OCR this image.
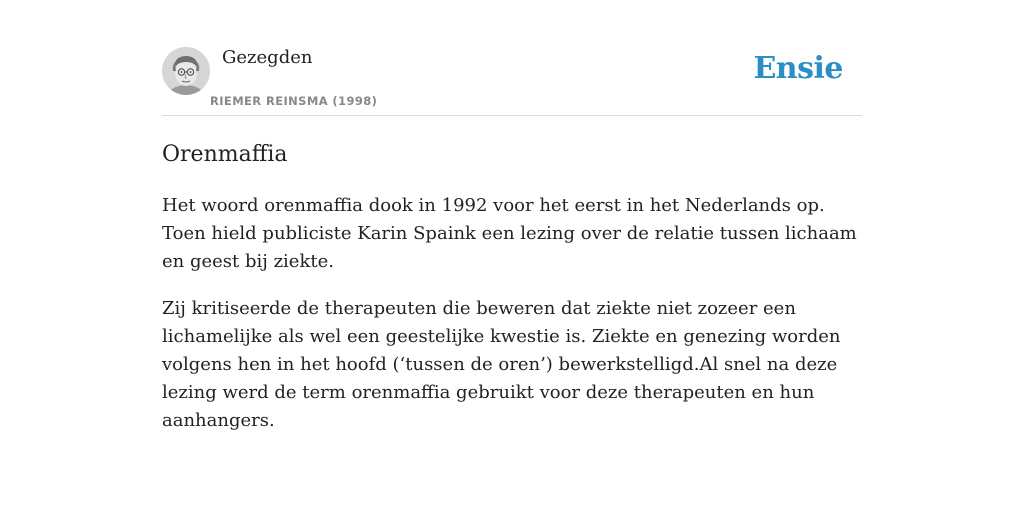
Gezegden
RIEMER REINSMA (1998)
Ensie
Orenmaffia

Het woord orenmaffia dook in 1992 voor het eerst in het Nederlands op. Toen hield publiciste Karin Spaink een lezing over de relatie tussen lichaam en geest bij ziekte.

Zij kritiseerde de therapeuten die beweren dat ziekte niet zozeer een lichamelijke als wel een geestelijke kwestie is. Ziekte en genezing worden volgens hen in het hoofd (‘tussen de oren’) bewerkstelligd.Al snel na deze lezing werd de term orenmaffia gebruikt voor deze therapeuten en hun aanhangers.
